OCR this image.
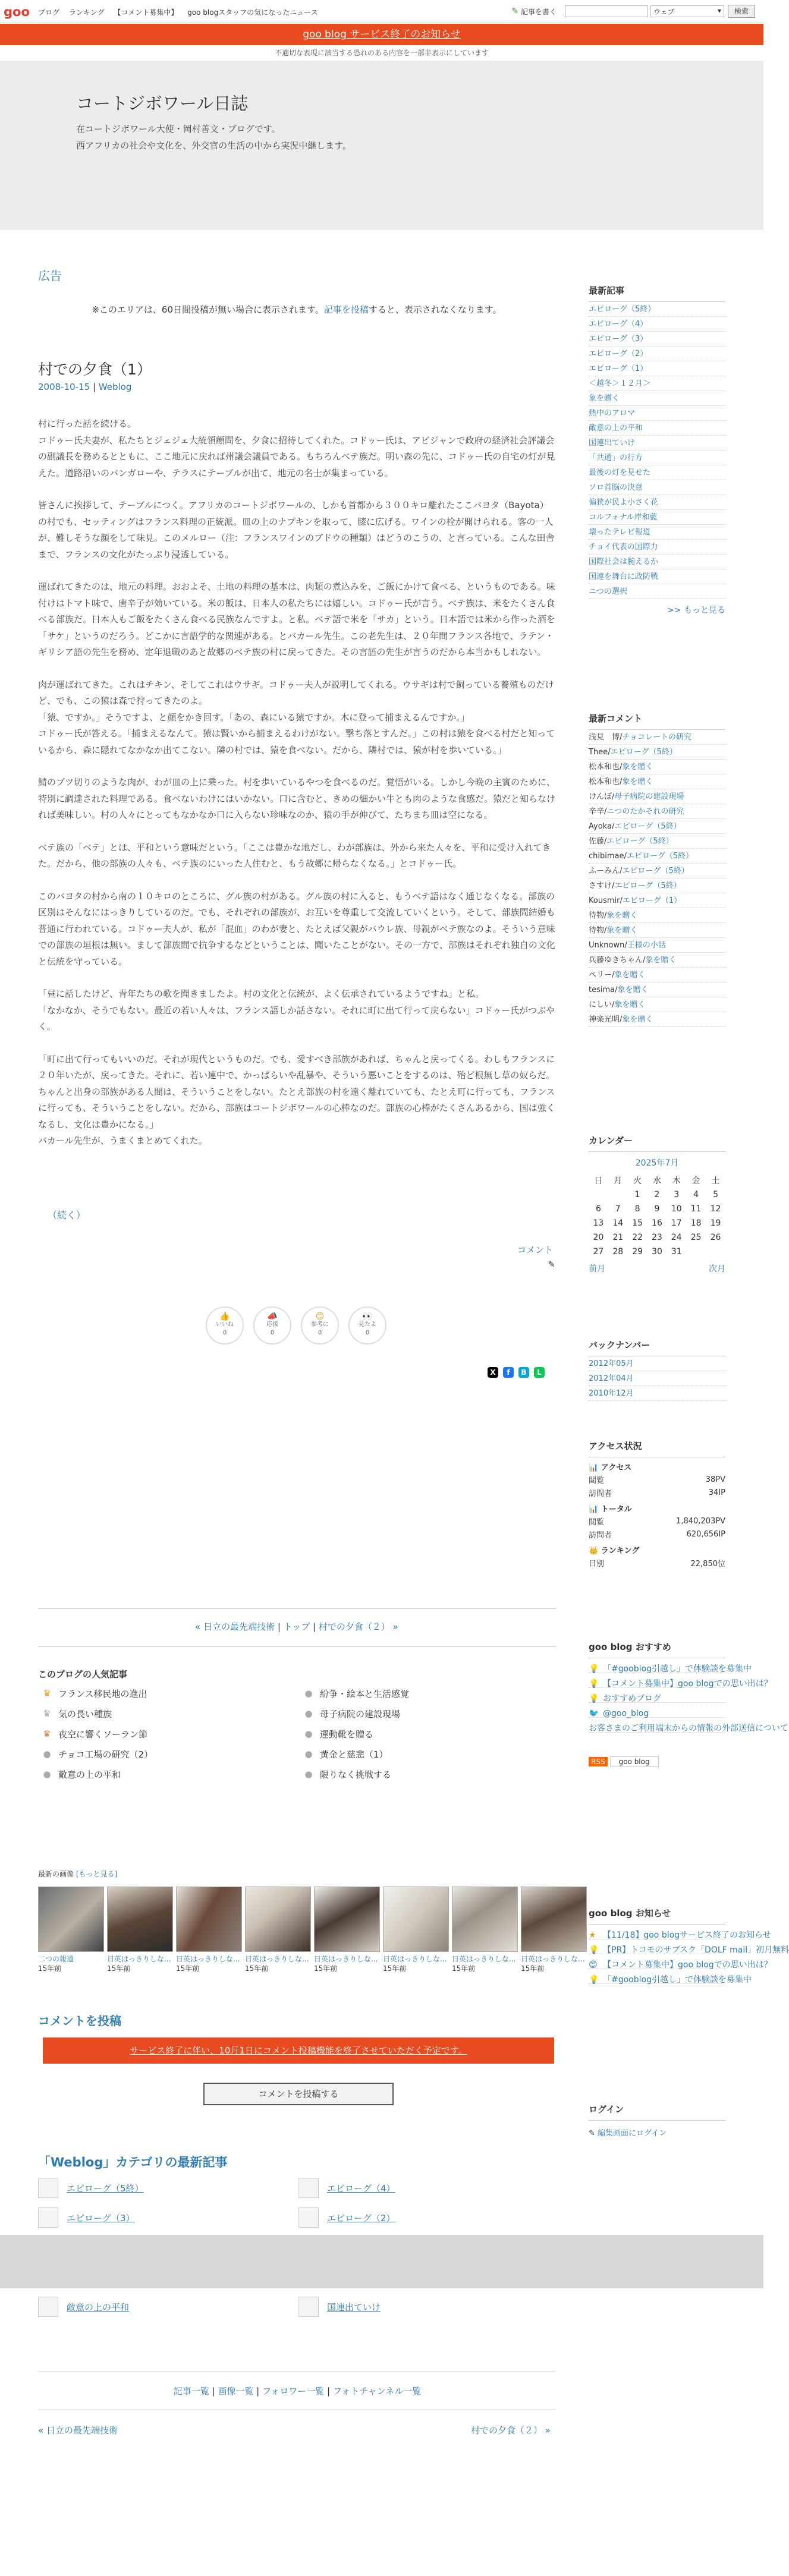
goo ブログ ランキング 【コメント募集中】 goo blogスタッフの気になったニュース	✎ 記事を書く	ウェブ ▾	検索
goo blog サービス終了のお知らせ
不適切な表現に該当する恐れのある内容を一部非表示にしています
コートジボワール日誌

在コートジボワール大使・岡村善文・ブログです。

西アフリカの社会や文化を、外交官の生活の中から実況中継します。

広告
※このエリアは、60日間投稿が無い場合に表示されます。記事を投稿すると、表示されなくなります。
村での夕食（1）
2008-10-15 | Weblog

村に行った話を続ける。
コドゥー氏夫妻が、私たちとジェジェ大統領顧問を、夕食に招待してくれた。コドゥー氏は、アビジャンで政府の経済社会評議会の副議長を務めるとともに、ここ地元に戻れば州議会議員である。もちろんベテ族だ。明い森の先に、コドゥー氏の自宅の灯が見えた。道路沿いのバンガローや、テラスにテーブルが出て、地元の名士が集まっている。

皆さんに挨拶して、テーブルにつく。アフリカのコートジボワールの、しかも首都から３００キロ離れたここバヨタ（Bayota）の村でも、セッティングはフランス料理の正統派。皿の上のナプキンを取って、膝に広げる。ワインの栓が開けられる。客の一人が、難しそうな顔をして味見。このメルロー（注：フランスワインのブドウの種類）はどうのこうの、と言っている。こんな田舎まで、フランスの文化がたっぷり浸透している。

運ばれてきたのは、地元の料理。おおよそ、土地の料理の基本は、肉類の煮込みを、ご飯にかけて食べる、というものである。味付けはトマト味で、唐辛子が効いている。米の飯は、日本人の私たちには嬉しい。コドゥー氏が言う。ベテ族は、米をたくさん食べる部族だ。日本人もご飯をたくさん食べる民族なんですよ。と私。ベテ語で米を「サカ」という。日本語では米から作った酒を「サケ」というのだろう。どこかに言語学的な関連がある。とバカール先生。この老先生は、２０年間フランス各地で、ラテン・ギリシア語の先生を務め、定年退職のあと故郷のベテ族の村に戻ってきた。その言語の先生が言うのだから本当かもしれない。

肉が運ばれてきた。これはチキン、そしてこれはウサギ。コドゥー夫人が説明してくれる。ウサギは村で飼っている養殖ものだけど、でも、この猿は森で狩ってきたのよ。
「猿、ですか。」そうですよ、と顔をかき回す。「あの、森にいる猿ですか。木に登って捕まえるんですか。」
コドゥー氏が答える。「捕まえるなんて。猿は賢いから捕まえるわけがない。撃ち落とすんだ。」この村は猿を食べる村だと知っているから、森に隠れてなかなか出てこない。隣の村では、猿を食べない。だから、隣村では、猿が村を歩いている。」

鯖のブツ切りのような肉が、わが皿の上に乗った。村を歩いているやつを食べるのだ。覚悟がいる。しかし今晩の主賓のために、特別に調達された料理である。食べないわけにはいかない。口に含むと、きめの細かい牛とも肉のような食感だ。猿だと知らなければ美味しい。村の人々にとってもなかなか口に入らない珍味なのか、猿の手が伸びて、たちまち皿は空になる。

ベテ族の「ベテ」とは、平和という意味だという。「ここは豊かな地だし、わが部族は、外から来た人々を、平和に受け入れてきた。だから、他の部族の人々も、ベテ族のにいった人住むと、もう故郷に帰らなくなる。」とコドゥー氏。

このバヨタの村から南の１０キロのところに、グル族の村がある。グル族の村に入ると、もうベテ語はなく通じなくなる。部族の区別はそんなにはっきりしているのだ。でも、それぞれの部族が、お互いを尊重して交流していくという。そして、部族間結婚も普通に行われている。コドゥー夫人が、私が「混血」のわが妻と、たとえば父親がバウレ族、母親がベテ族なのよ。そういう意味での部族の垣根は無い。まして部族間で抗争するなどということは、聞いたことがない。その一方で、部族はそれぞれ独自の文化と伝統を守っている。

「昼に話したけど、青年たちの歌を聞きましたよ。村の文化と伝統が、よく伝承されているようですね」と私。
「なかなか、そうでもない。最近の若い人々は、フランス語しか話さない。それに町に出て行って戻らない」コドゥー氏がつぶやく。

「町に出て行ってもいいのだ。それが現代というものだ。でも、愛すべき部族があれば、ちゃんと戻ってくる。わしもフランスに２０年いたが、戻ってきた。それに、若い連中で、かっぱらいや乱暴や、そういう悪いことをするのは、殆ど根無し草の奴らだ。ちゃんと出身の部族がある人間は、そういうことをしない。たとえ部族の村を遠く離れていても、たとえ町に行っても、フランスに行っても、そういうことをしない。だから、部族はコートジボワールの心棒なのだ。部族の心棒がたくさんあるから、国は強くなるし、文化は豊かになる。」
バカール先生が、うまくまとめてくれた。

（続く）
コメント
✎
👍
いいね
0
📣
応援
0
😊
参考に
0
👀
見たよ
0
X	f	B	L
« 日立の最先端技術 | トップ | 村での夕食（２） »
このブログの人気記事
♛ フランス移民地の進出	● 紛争・絵本と生活感覚
♛ 気の長い種族	● 母子病院の建設現場
♛ 夜空に響くソーラン節	● 運動靴を贈る
● チョコ工場の研究（2）	● 黄金と慈悲（1）
● 敵意の上の平和	● 限りなく挑戦する
最新の画像 [もっと見る]
二つの報道
15年前
日英はっきりしな...
15年前
日英はっきりしな...
15年前
日英はっきりしな...
15年前
日英はっきりしな...
15年前
日英はっきりしな...
15年前
日英はっきりしな...
15年前
日英はっきりしな...
15年前
コメントを投稿
サービス終了に伴い、10月1日にコメント投稿機能を終了させていただく予定です。
コメントを投稿する
「Weblog」カテゴリの最新記事
エピローグ（5終）	エピローグ（4）
エピローグ（3）	エピローグ（2）
敵意の上の平和	国連出ていけ
記事一覧 | 画像一覧 | フォロワー一覧 | フォトチャンネル一覧
« 日立の最先端技術	村での夕食（２） »
最新記事
エピローグ（5終）
エピローグ（4）
エピローグ（3）
エピローグ（2）
エピローグ（1）
＜越冬＞１２月＞
象を贈く
熱中のアロマ
敵意の上の平和
国連出ていけ
「共通」の行方
最後の灯を見せた
ソロ首脳の決意
偏狭が民よ小さく花
コルフォナル岸和藍
壊ったテレビ報道
チョイ代表の国際力
国際社会は腕えるか
国連を舞台に政防戦
ニつの選択
>> もっと見る
最新コメント
浅見　博/チョコレートの研究
Thee/エピローグ（5終）
松本和也/象を贈く
松本和也/象を贈く
けんぽ/母子病院の建設現場
辛辛/ニつのたかそれの研究
Ayoka/エピローグ（5終）
佐藤/エピローグ（5終）
chibimae/エピローグ（5終）
ふーみん/エピローグ（5終）
さすけ/エピローグ（5終）
Kousmir/エピローグ（1）
待物/象を贈く
待物/象を贈く
Unknown/王様の小話
兵藤ゆきちゃん/象を贈く
ペリー/象を贈く
tesima/象を贈く
にしい/象を贈く
神楽光明/象を贈く
カレンダー
2025年7月
日	月	火	水	木	金	土
		1	2	3	4	5
6	7	8	9	10	11	12
13	14	15	16	17	18	19
20	21	22	23	24	25	26
27	28	29	30	31		
前月	次月
バックナンバー
2012年05月
2012年04月
2010年12月
アクセス状況
📊 アクセス
閲覧	38PV
訪問者	34IP
📊 トータル
閲覧	1,840,203PV
訪問者	620,656IP
👑 ランキング
日別	22,850位
goo blog おすすめ
💡 「#gooblog引越し」で体験談を募集中
💡 【コメント募集中】goo blogでの思い出は？
💡 おすすめブログ
🐦 @goo_blog
お客さまのご利用端末からの情報の外部送信について
RSS	goo blog
goo blog お知らせ
★ 【11/18】goo blogサービス終了のお知らせ
💡 【PR】トコモのサブスク「DOLF mail」初月無料
😊 【コメント募集中】goo blogでの思い出は？
💡 「#gooblog引越し」で体験談を募集中
ログイン
✎ 編集画面にログイン
